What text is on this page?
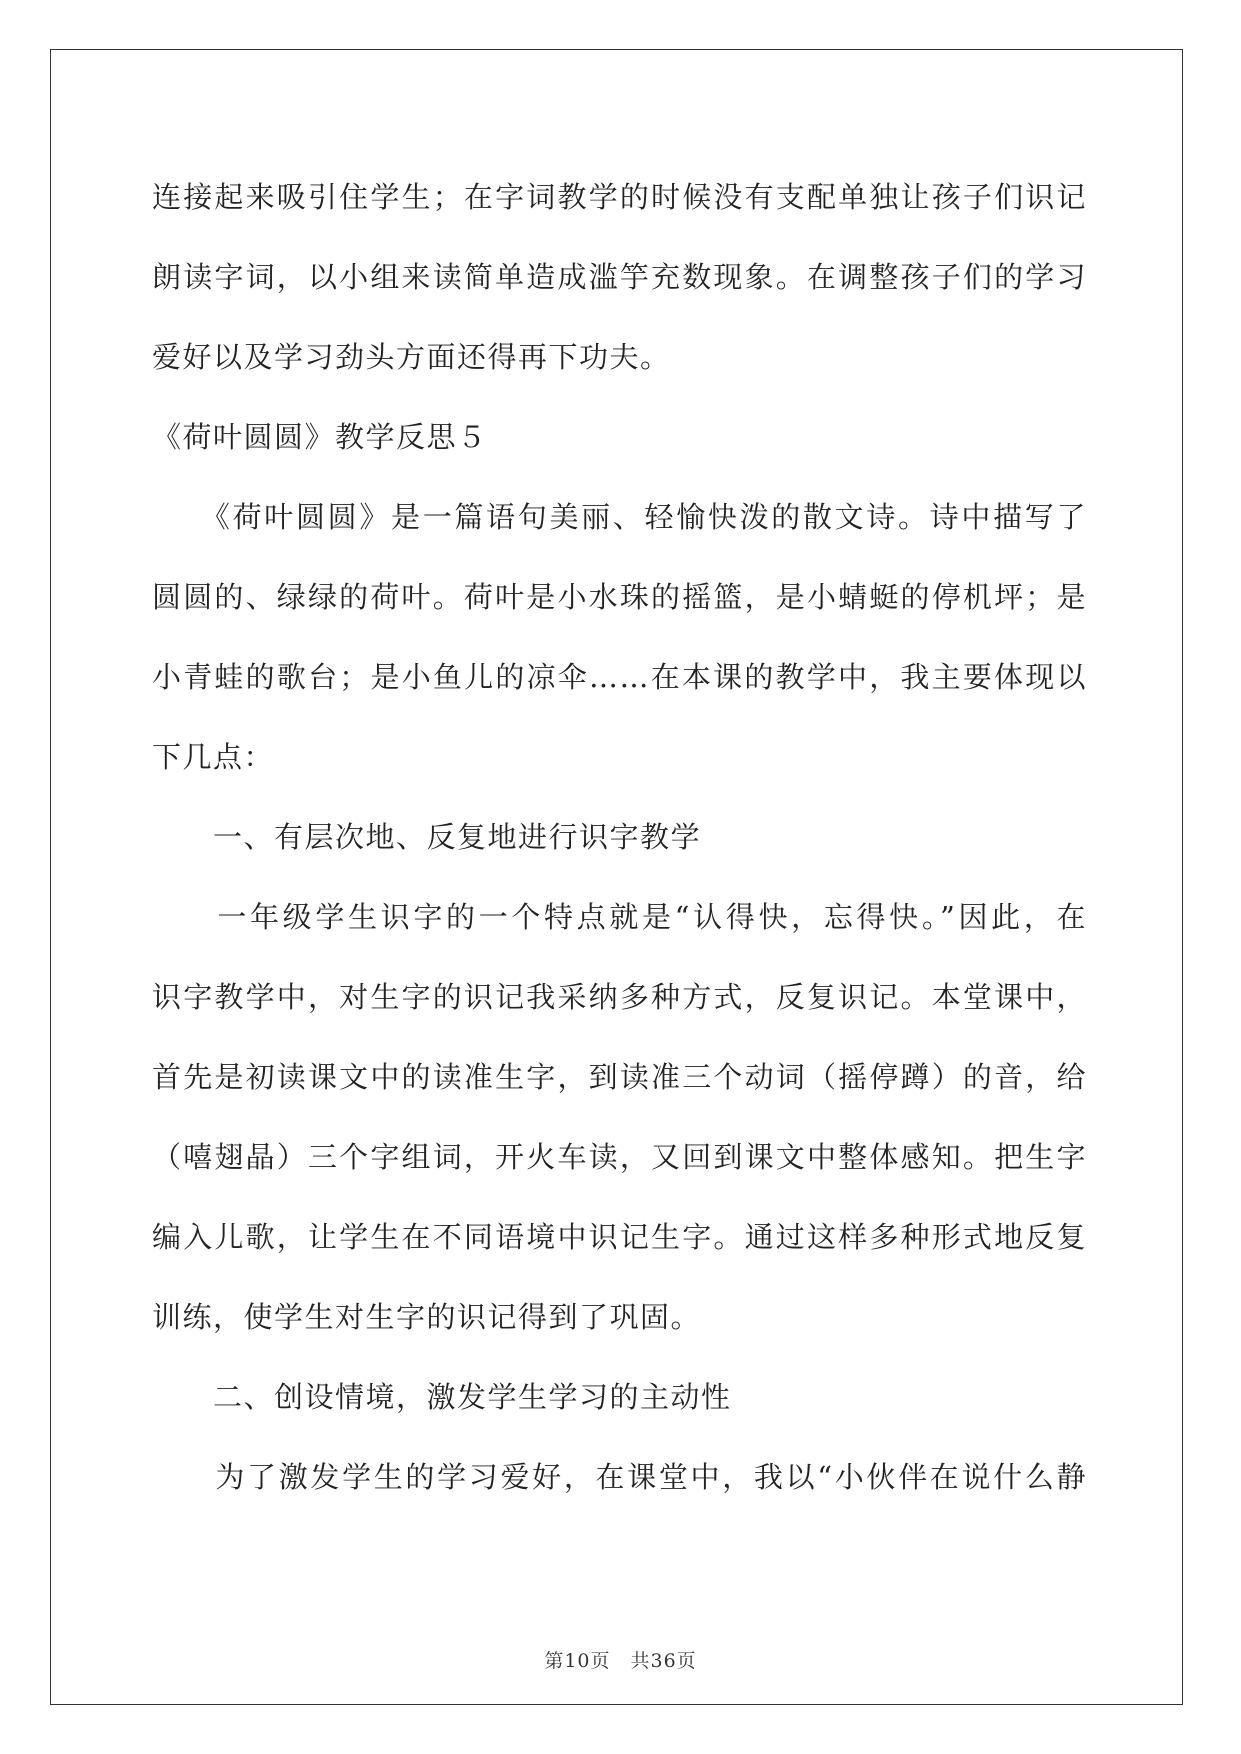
连接起来吸引住学生；在字词教学的时候没有支配单独让孩子们识记
朗读字词，以小组来读简单造成滥竽充数现象。在调整孩子们的学习
爱好以及学习劲头方面还得再下功夫。
《荷叶圆圆》教学反思５
　　《荷叶圆圆》是一篇语句美丽、轻愉快泼的散文诗。诗中描写了
圆圆的、绿绿的荷叶。荷叶是小水珠的摇篮，是小蜻蜓的停机坪；是
小青蛙的歌台；是小鱼儿的凉伞……在本课的教学中，我主要体现以
下几点：
　　一、有层次地、反复地进行识字教学
　　一年级学生识字的一个特点就是“认得快，忘得快。”因此，在
识字教学中，对生字的识记我采纳多种方式，反复识记。本堂课中，
首先是初读课文中的读准生字，到读准三个动词（摇停蹲）的音，给
（嘻翅晶）三个字组词，开火车读，又回到课文中整体感知。把生字
编入儿歌，让学生在不同语境中识记生字。通过这样多种形式地反复
训练，使学生对生字的识记得到了巩固。
　　二、创设情境，激发学生学习的主动性
　　为了激发学生的学习爱好，在课堂中，我以“小伙伴在说什么静
第10页　共36页
